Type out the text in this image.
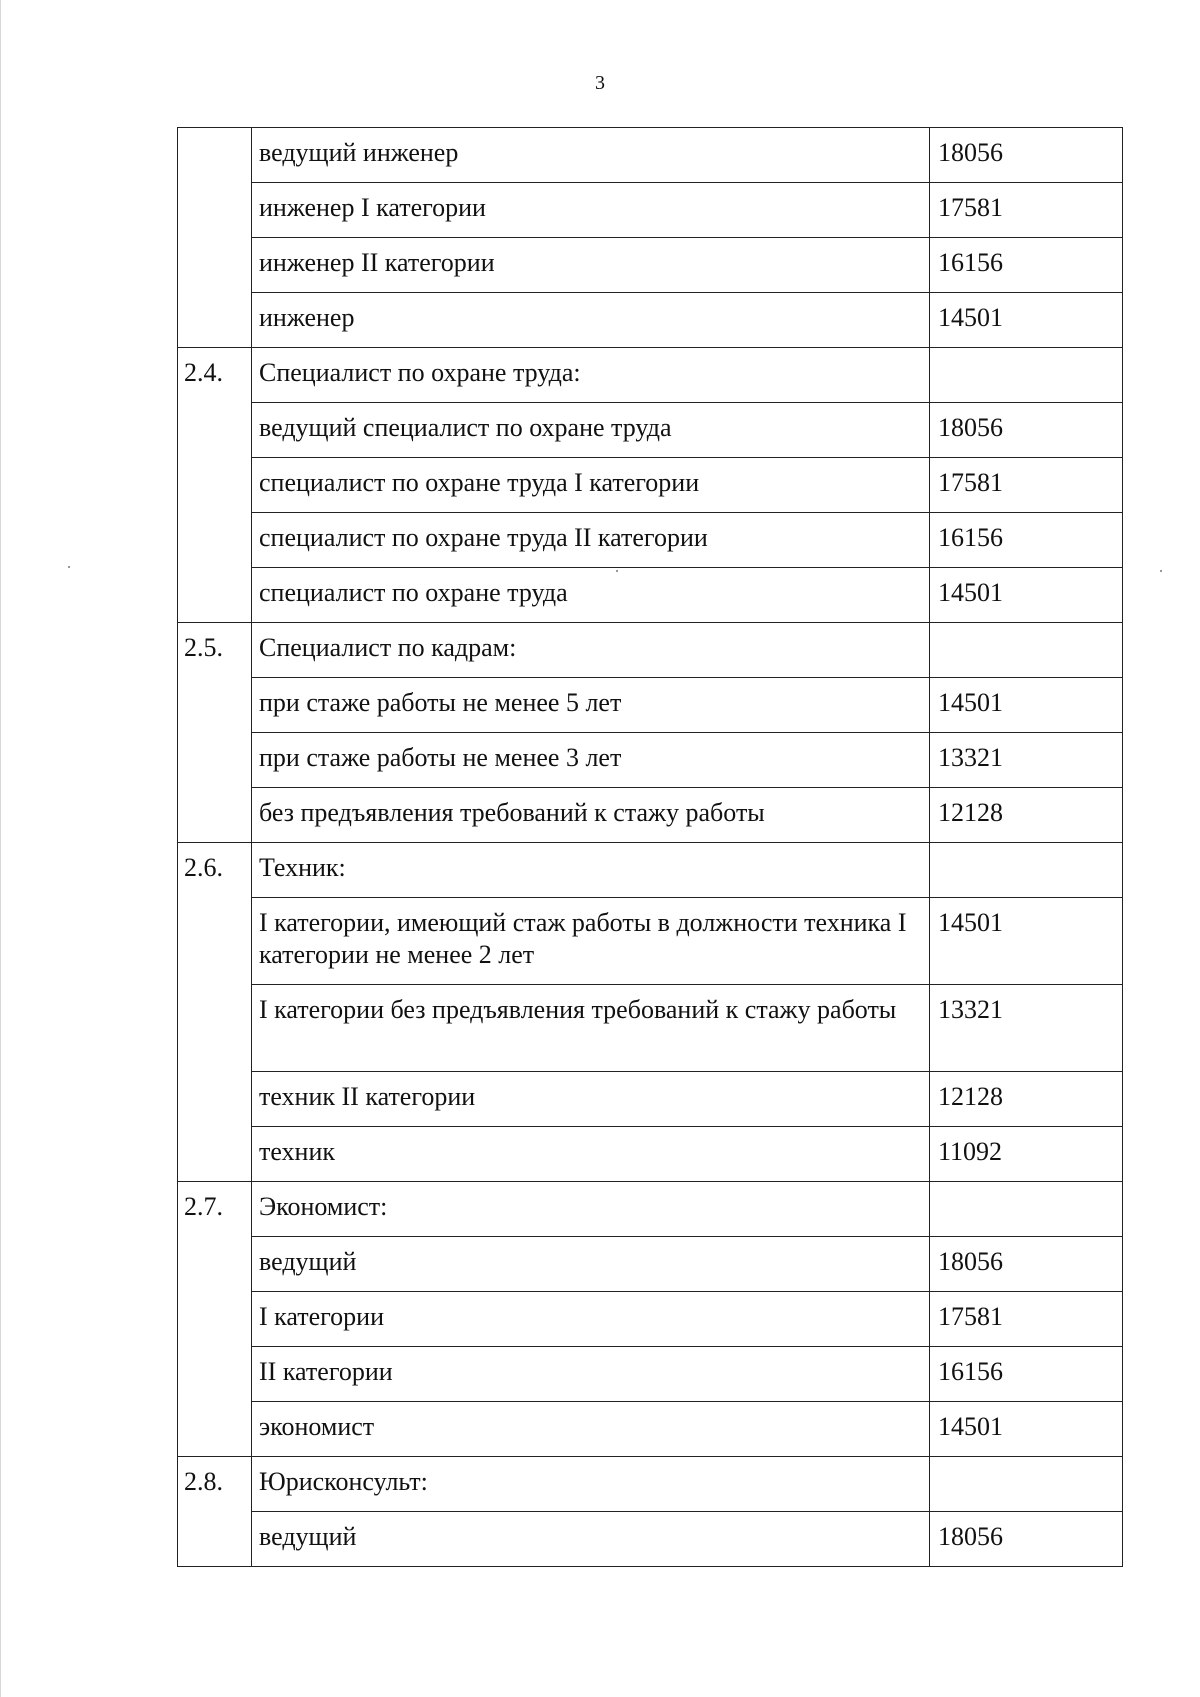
3
	ведущий инженер	18056
	инженер I категории	17581
	инженер II категории	16156
	инженер	14501
2.4.	Специалист по охране труда:	
	ведущий специалист по охране труда	18056
	специалист по охране труда I категории	17581
	специалист по охране труда II категории	16156
	специалист по охране труда	14501
2.5.	Специалист по кадрам:	
	при стаже работы не менее 5 лет	14501
	при стаже работы не менее 3 лет	13321
	без предъявления требований к стажу работы	12128
2.6.	Техник:	
	I категории, имеющий стаж работы в должности техника I категории не менее 2 лет	14501
	I категории без предъявления требований к стажу работы	13321
	техник II категории	12128
	техник	11092
2.7.	Экономист:	
	ведущий	18056
	I категории	17581
	II категории	16156
	экономист	14501
2.8.	Юрисконсульт:	
	ведущий	18056
